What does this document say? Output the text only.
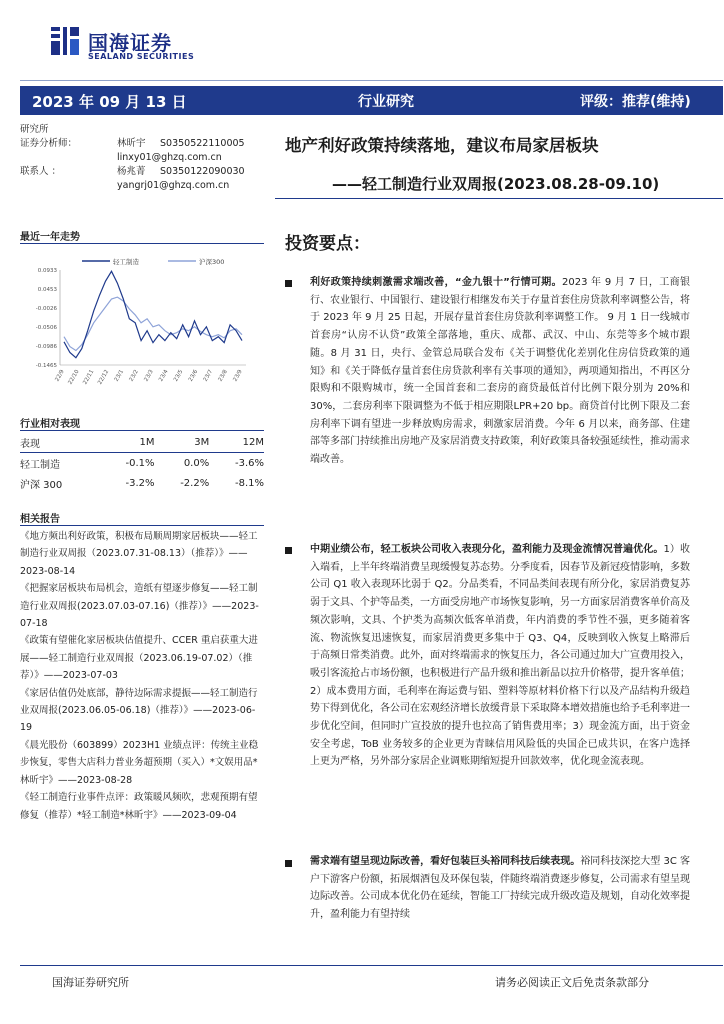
国海证券
SEALAND SECURITIES
2023 年 09 月 13 日	行业研究	评级：推荐(维持)
研究所
证券分析师：	林昕宇 S0350522110005
linxy01@ghzq.com.cn
联系人 ：	杨兆菁 S0350122090030
yangrj01@ghzq.com.cn
地产利好政策持续落地，建议布局家居板块
——轻工制造行业双周报(2023.08.28-09.10)
最近一年走势
轻工制造	沪深300
0.0933
0.0453
-0.0026
-0.0506
-0.0986
-0.1465
22/9 22/10 22/11 22/12 23/1 23/2 23/3 23/4 23/5 23/6 23/7 23/8 23/9
行业相对表现
表现	1M	3M	12M
轻工制造	-0.1%	0.0%	-3.6%
沪深 300	-3.2%	-2.2%	-8.1%
相关报告

《地方频出利好政策，积极布局顺周期家居板块——轻工制造行业双周报（2023.07.31-08.13）（推荐）》——2023-08-14

《把握家居板块布局机会，造纸有望逐步修复——轻工制造行业双周报(2023.07.03-07.16)（推荐）》——2023-07-18

《政策有望催化家居板块估值提升、CCER 重启获重大进展——轻工制造行业双周报（2023.06.19-07.02）（推荐）》——2023-07-03

《家居估值仍处底部，静待边际需求提振——轻工制造行业双周报(2023.06.05-06.18)（推荐）》——2023-06-19

《晨光股份（603899）2023H1 业绩点评：传统主业稳步恢复，零售大店科力普业务超预期（买入）*文娱用品*林昕宇》——2023-08-28

《轻工制造行业事件点评：政策暖风频吹，悲观预期有望修复（推荐）*轻工制造*林昕宇》——2023-09-04

投资要点：

利好政策持续刺激需求端改善，“金九银十”行情可期。2023 年 9 月 7 日，工商银行、农业银行、中国银行、建设银行相继发布关于存量首套住房贷款利率调整公告，将于 2023 年 9 月 25 日起，开展存量首套住房贷款利率调整工作。 9 月 1 日一线城市首套房“认房不认贷”政策全部落地，重庆、成都、武汉、中山、东莞等多个城市跟随。8 月 31 日，央行、金管总局联合发布《关于调整优化差别化住房信贷政策的通知》和《关于降低存量首套住房贷款利率有关事项的通知》，两项通知指出，不再区分限购和不限购城市，统一全国首套和二套房的商贷最低首付比例下限分别为 20%和 30%，二套房利率下限调整为不低于相应期限LPR+20 bp。商贷首付比例下限及二套房利率下调有望进一步释放购房需求，刺激家居消费。今年 6 月以来，商务部、住建部等多部门持续推出房地产及家居消费支持政策，利好政策具备较强延续性，推动需求端改善。

中期业绩公布，轻工板块公司收入表现分化，盈利能力及现金流情况普遍优化。1）收入端看，上半年终端消费呈现缓慢复苏态势。分季度看，因春节及新冠疫情影响，多数公司 Q1 收入表现环比弱于 Q2。分品类看，不同品类间表现有所分化，家居消费复苏弱于文具、个护等品类，一方面受房地产市场恢复影响，另一方面家居消费客单价高及频次影响，文具、个护类为高频次低客单消费，年内消费的季节性不强，更多随着客流、物流恢复迅速恢复，而家居消费更多集中于 Q3、Q4，反映到收入恢复上略滞后于高频日常类消费。此外，面对终端需求的恢复压力，各公司通过加大广宣费用投入，吸引客流抢占市场份额，也积极进行产品升级和推出新品以拉升价格带，提升客单值；2）成本费用方面，毛利率在海运费与铝、塑料等原材料价格下行以及产品结构升级趋势下得到优化，各公司在宏观经济增长放缓背景下采取降本增效措施也给予毛利率进一步优化空间，但同时广宣投放的提升也拉高了销售费用率；3）现金流方面，出于资金安全考虑，ToB 业务较多的企业更为青睐信用风险低的央国企已成共识，在客户选择上更为严格，另外部分家居企业调账期缩短提升回款效率，优化现金流表现。

需求端有望呈现边际改善，看好包装巨头裕同科技后续表现。裕同科技深挖大型 3C 客户下游客户份额，拓展烟酒包及环保包装，伴随终端消费逐步修复，公司需求有望呈现边际改善。公司成本优化仍在延续，智能工厂持续完成升级改造及规划，自动化效率提升，盈利能力有望持续

国海证券研究所	请务必阅读正文后免责条款部分
